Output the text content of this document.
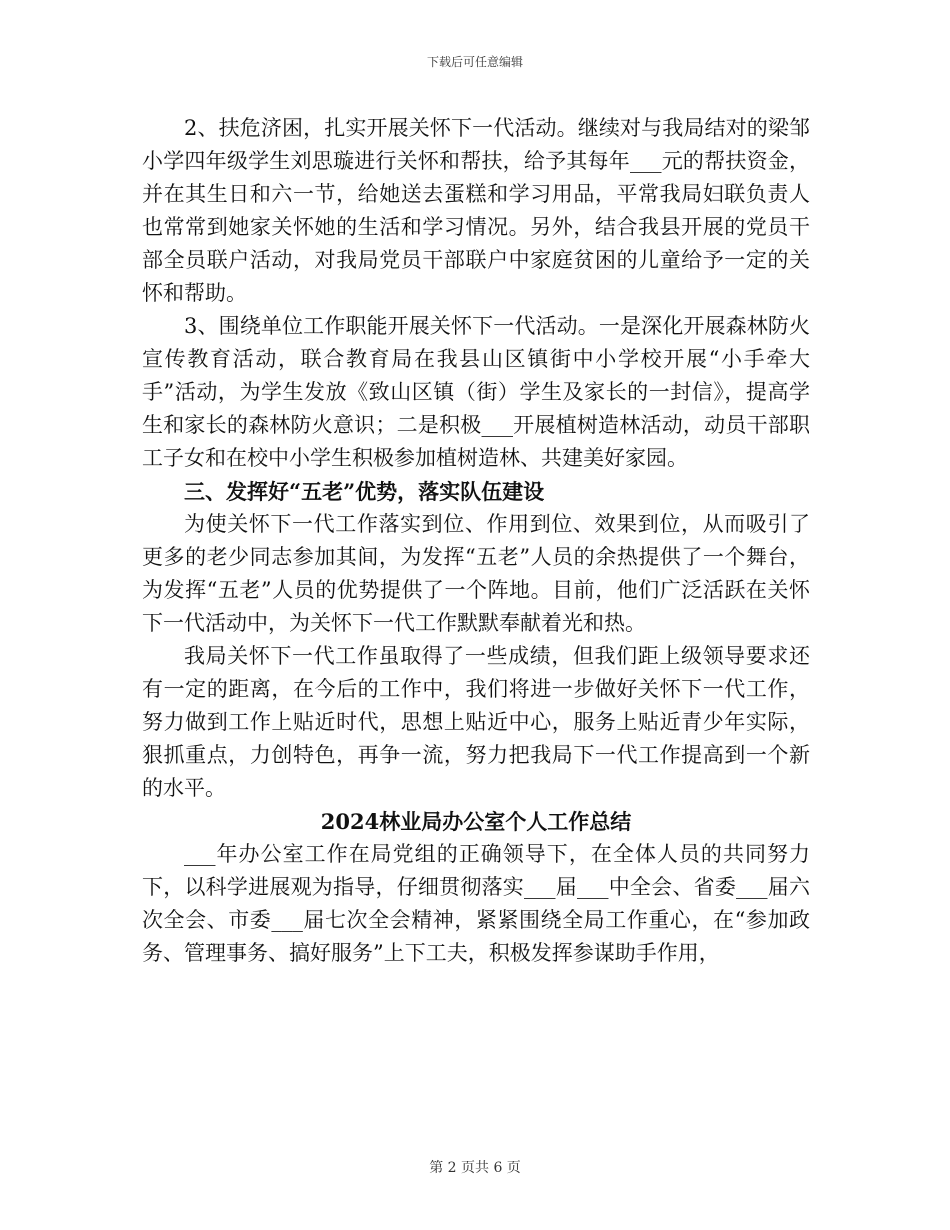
下载后可任意编辑

2、扶危济困，扎实开展关怀下一代活动。继续对与我局结对的梁邹小学四年级学生刘思璇进行关怀和帮扶，给予其每年___元的帮扶资金，并在其生日和六一节，给她送去蛋糕和学习用品，平常我局妇联负责人也常常到她家关怀她的生活和学习情况。另外，结合我县开展的党员干部全员联户活动，对我局党员干部联户中家庭贫困的儿童给予一定的关怀和帮助。

3、围绕单位工作职能开展关怀下一代活动。一是深化开展森林防火宣传教育活动，联合教育局在我县山区镇街中小学校开展“小手牵大手”活动，为学生发放《致山区镇（街）学生及家长的一封信》，提高学生和家长的森林防火意识；二是积极___开展植树造林活动，动员干部职工子女和在校中小学生积极参加植树造林、共建美好家园。

三、发挥好“五老”优势，落实队伍建设

为使关怀下一代工作落实到位、作用到位、效果到位，从而吸引了更多的老少同志参加其间，为发挥“五老”人员的余热提供了一个舞台，为发挥“五老”人员的优势提供了一个阵地。目前，他们广泛活跃在关怀下一代活动中，为关怀下一代工作默默奉献着光和热。

我局关怀下一代工作虽取得了一些成绩，但我们距上级领导要求还有一定的距离，在今后的工作中，我们将进一步做好关怀下一代工作，努力做到工作上贴近时代，思想上贴近中心，服务上贴近青少年实际，狠抓重点，力创特色，再争一流，努力把我局下一代工作提高到一个新的水平。

2024林业局办公室个人工作总结

___年办公室工作在局党组的正确领导下，在全体人员的共同努力下，以科学进展观为指导，仔细贯彻落实___届___中全会、省委___届六次全会、市委___届七次全会精神，紧紧围绕全局工作重心，在“参加政务、管理事务、搞好服务”上下工夫，积极发挥参谋助手作用，

第 2 页共 6 页
